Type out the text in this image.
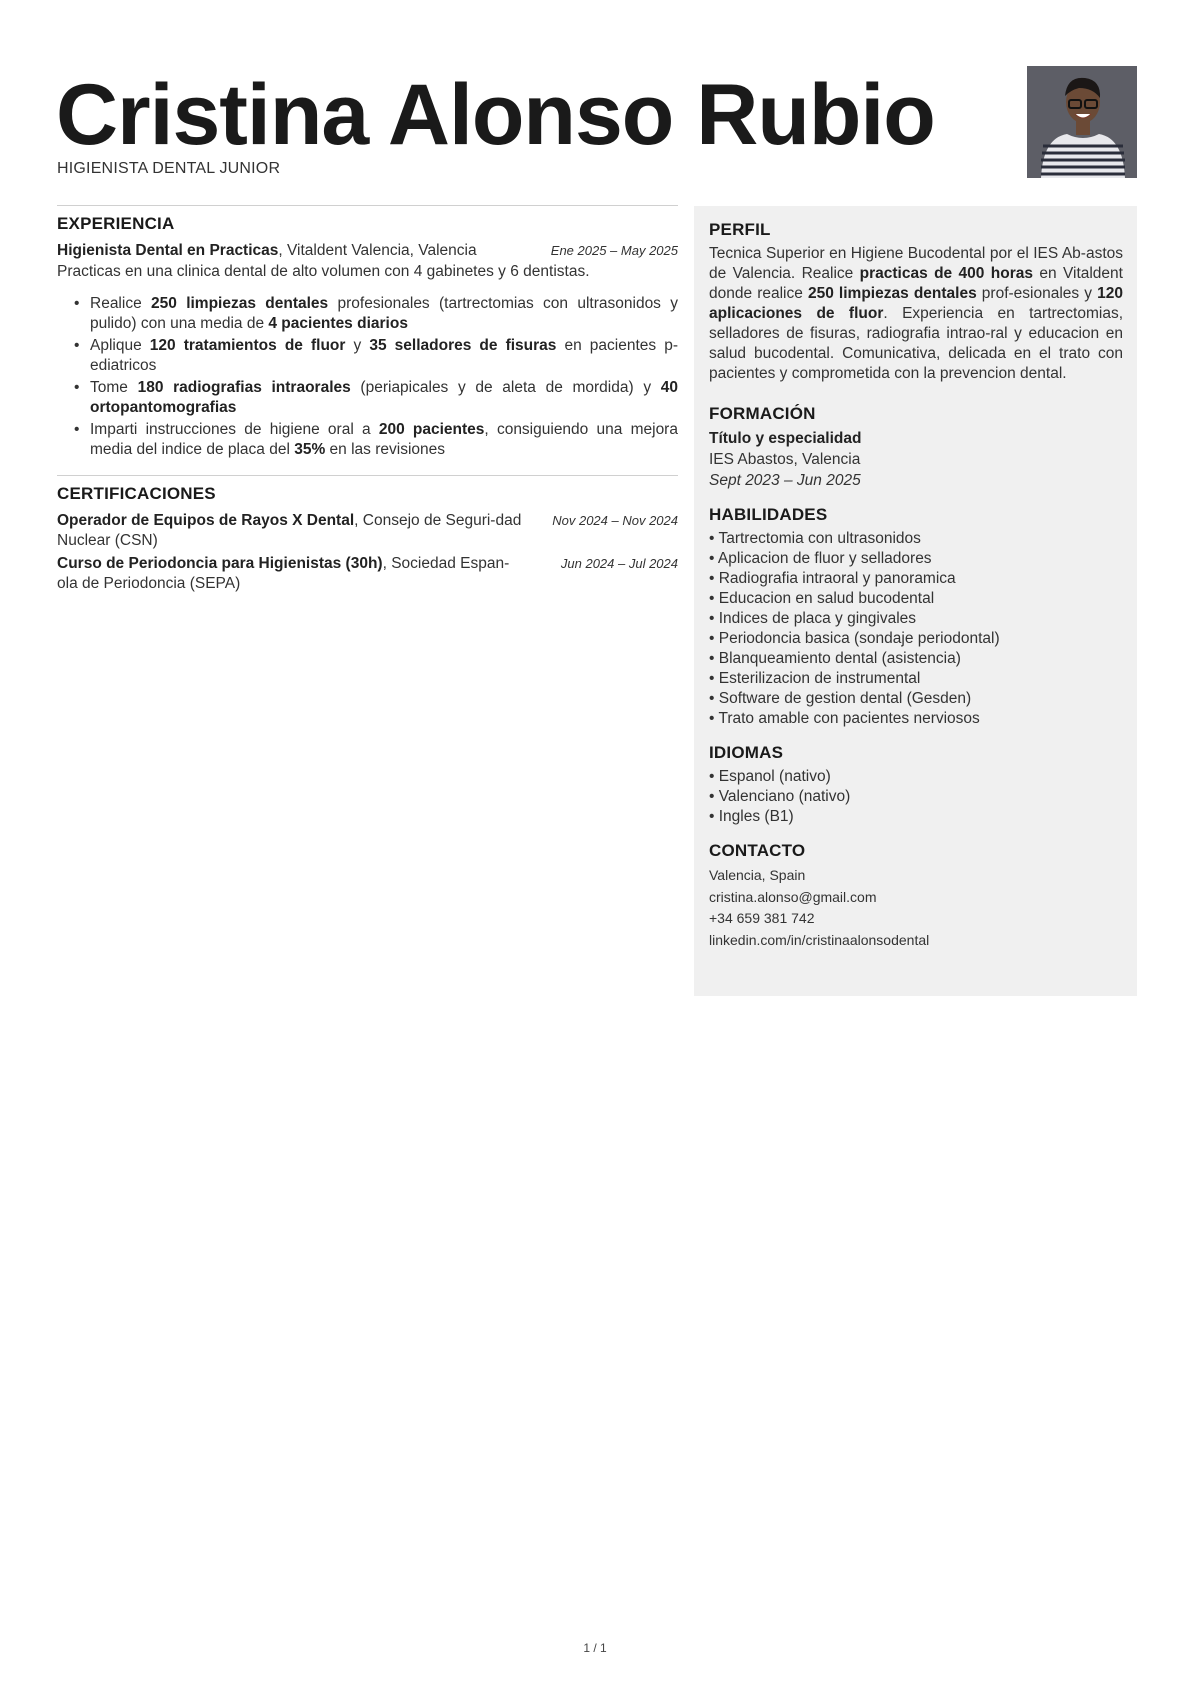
Cristina Alonso Rubio
HIGIENISTA DENTAL JUNIOR
EXPERIENCIA
Higienista Dental en Practicas, Vitaldent Valencia, Valencia	Ene 2025 – May 2025
Practicas en una clinica dental de alto volumen con 4 gabinetes y 6 dentistas.
• Realice 250 limpiezas dentales profesionales (tartrectomias con ultrasonidos y pulido) con una media de 4 pacientes diarios
• Aplique 120 tratamientos de fluor y 35 selladores de fisuras en pacientes p-ediatricos
• Tome 180 radiografias intraorales (periapicales y de aleta de mordida) y 40 ortopantomografias
• Imparti instrucciones de higiene oral a 200 pacientes, consiguiendo una mejora media del indice de placa del 35% en las revisiones
CERTIFICACIONES
Operador de Equipos de Rayos X Dental, Consejo de Seguri-dad Nuclear (CSN)
Nov 2024 – Nov 2024
Curso de Periodoncia para Higienistas (30h), Sociedad Espan-ola de Periodoncia (SEPA)
Jun 2024 – Jul 2024
PERFIL
Tecnica Superior en Higiene Bucodental por el IES Ab-astos de Valencia. Realice practicas de 400 horas en Vitaldent donde realice 250 limpiezas dentales prof-esionales y 120 aplicaciones de fluor. Experiencia en tartrectomias, selladores de fisuras, radiografia intrao-ral y educacion en salud bucodental. Comunicativa, delicada en el trato con pacientes y comprometida con la prevencion dental.
FORMACIÓN
Título y especialidad
IES Abastos, Valencia
Sept 2023 – Jun 2025
HABILIDADES
• Tartrectomia con ultrasonidos
• Aplicacion de fluor y selladores
• Radiografia intraoral y panoramica
• Educacion en salud bucodental
• Indices de placa y gingivales
• Periodoncia basica (sondaje periodontal)
• Blanqueamiento dental (asistencia)
• Esterilizacion de instrumental
• Software de gestion dental (Gesden)
• Trato amable con pacientes nerviosos
IDIOMAS
• Espanol (nativo)
• Valenciano (nativo)
• Ingles (B1)
CONTACTO
Valencia, Spain
cristina.alonso@gmail.com
+34 659 381 742
linkedin.com/in/cristinaalonsodental
1 / 1
